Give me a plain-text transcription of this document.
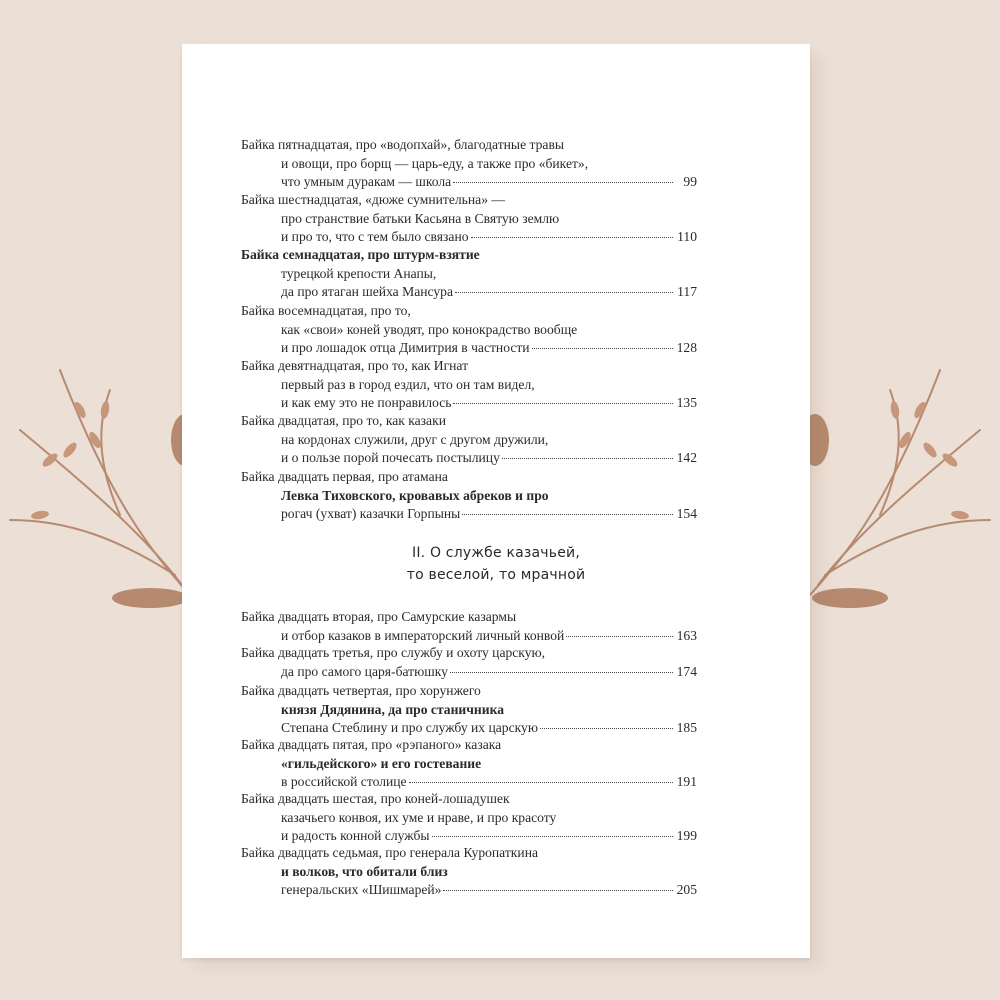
Байка пятнадцатая, про «водопхай», благодатные травы
и овощи, про борщ — царь-еду, а также про «бикет»,
что умным дуракам — школа	99
Байка шестнадцатая, «дюже сумнительна» —
про странствие батьки Касьяна в Святую землю
и про то, что с тем было связано	110
Байка семнадцатая, про штурм-взятие
турецкой крепости Анапы,
да про ятаган шейха Мансура	117
Байка восемнадцатая, про то,
как «свои» коней уводят, про конокрадство вообще
и про лошадок отца Димитрия в частности	128
Байка девятнадцатая, про то, как Игнат
первый раз в город ездил, что он там видел,
и как ему это не понравилось	135
Байка двадцатая, про то, как казаки
на кордонах служили, друг с другом дружили,
и о пользе порой почесать постылицу	142
Байка двадцать первая, про атамана
Левка Тиховского, кровавых абреков и про
рогач (ухват) казачки Горпыны	154
II. О службе казачьей,
то веселой, то мрачной
Байка двадцать вторая, про Самурские казармы
и отбор казаков в императорский личный конвой	163
Байка двадцать третья, про службу и охоту царскую,
да про самого царя-батюшку	174
Байка двадцать четвертая, про хорунжего
князя Дядянина, да про станичника
Степана Стеблину и про службу их царскую	185
Байка двадцать пятая, про «рэпаного» казака
«гильдейского» и его гостевание
в российской столице	191
Байка двадцать шестая, про коней-лошадушек
казачьего конвоя, их уме и нраве, и про красоту
и радость конной службы	199
Байка двадцать седьмая, про генерала Куропаткина
и волков, что обитали близ
генеральских «Шишмарей»	205
